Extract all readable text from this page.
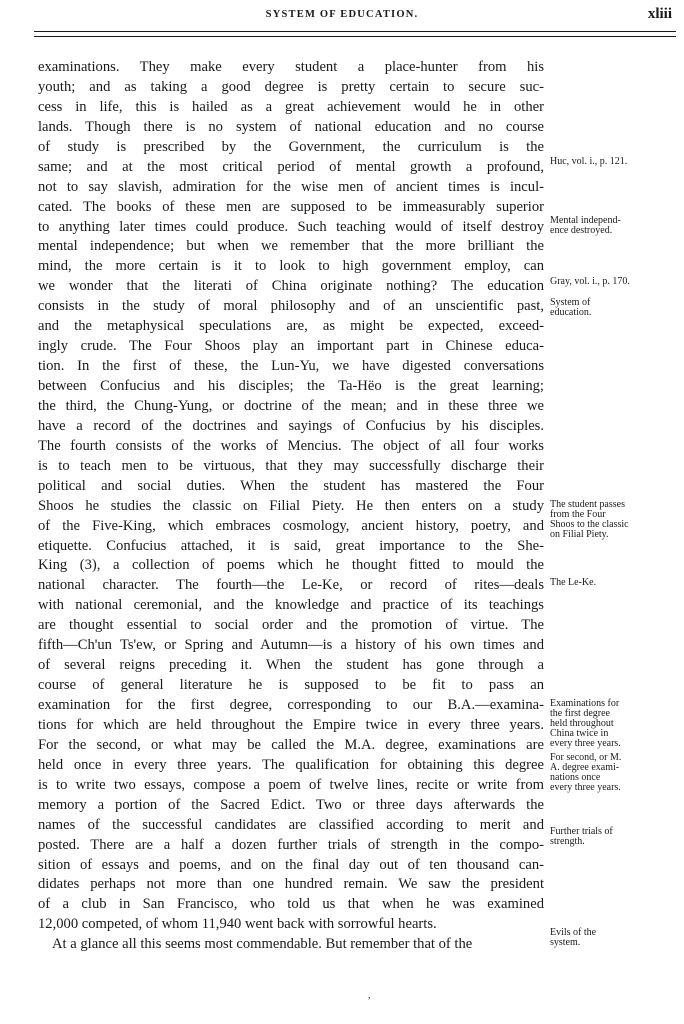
SYSTEM OF EDUCATION.	xliii
examinations. They make every student a place-hunter from his
youth; and as taking a good degree is pretty certain to secure suc-
cess in life, this is hailed as a great achievement would he in other
lands. Though there is no system of national education and no course
of study is prescribed by the Government, the curriculum is the
same; and at the most critical period of mental growth a profound,
not to say slavish, admiration for the wise men of ancient times is incul-
cated. The books of these men are supposed to be immeasurably superior
to anything later times could produce. Such teaching would of itself destroy
mental independence; but when we remember that the more brilliant the
mind, the more certain is it to look to high government employ, can
we wonder that the literati of China originate nothing? The education
consists in the study of moral philosophy and of an unscientific past,
and the metaphysical speculations are, as might be expected, exceed-
ingly crude. The Four Shoos play an important part in Chinese educa-
tion. In the first of these, the Lun-Yu, we have digested conversations
between Confucius and his disciples; the Ta-Hëo is the great learning;
the third, the Chung-Yung, or doctrine of the mean; and in these three we
have a record of the doctrines and sayings of Confucius by his disciples.
The fourth consists of the works of Mencius. The object of all four works
is to teach men to be virtuous, that they may successfully discharge their
political and social duties. When the student has mastered the Four
Shoos he studies the classic on Filial Piety. He then enters on a study
of the Five-King, which embraces cosmology, ancient history, poetry, and
etiquette. Confucius attached, it is said, great importance to the She-
King (3), a collection of poems which he thought fitted to mould the
national character. The fourth—the Le-Ke, or record of rites—deals
with national ceremonial, and the knowledge and practice of its teachings
are thought essential to social order and the promotion of virtue. The
fifth—Ch'un Ts'ew, or Spring and Autumn—is a history of his own times and
of several reigns preceding it. When the student has gone through a
course of general literature he is supposed to be fit to pass an
examination for the first degree, corresponding to our B.A.—examina-
tions for which are held throughout the Empire twice in every three years.
For the second, or what may be called the M.A. degree, examinations are
held once in every three years. The qualification for obtaining this degree
is to write two essays, compose a poem of twelve lines, recite or write from
memory a portion of the Sacred Edict. Two or three days afterwards the
names of the successful candidates are classified according to merit and
posted. There are a half a dozen further trials of strength in the compo-
sition of essays and poems, and on the final day out of ten thousand can-
didates perhaps not more than one hundred remain. We saw the president
of a club in San Francisco, who told us that when he was examined
12,000 competed, of whom 11,940 went back with sorrowful hearts.
At a glance all this seems most commendable. But remember that of the
Huc, vol. i., p. 121.
Mental independ-
ence destroyed.
Gray, vol. i., p. 170.
System of
education.
The student passes
from the Four
Shoos to the classic
on Filial Piety.
The Le-Ke.
Examinations for
the first degree
held throughout
China twice in
every three years.
For second, or M.
A. degree exami-
nations once
every three years.
Further trials of
strength.
Evils of the
system.
,
